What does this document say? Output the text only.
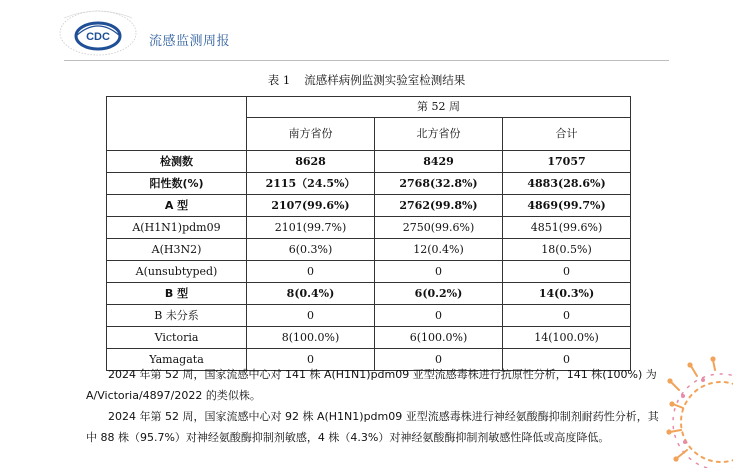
CDC	流感监测周报
表 1 流感样病例监测实验室检测结果
	第 52 周		
	南方省份	北方省份	合计
检测数	8628	8429	17057
阳性数(%)	2115（24.5%）	2768(32.8%)	4883(28.6%)
A 型	2107(99.6%)	2762(99.8%)	4869(99.7%)
A(H1N1)pdm09	2101(99.7%)	2750(99.6%)	4851(99.6%)
A(H3N2)	6(0.3%)	12(0.4%)	18(0.5%)
A(unsubtyped)	0	0	0
B 型	8(0.4%)	6(0.2%)	14(0.3%)
B 未分系	0	0	0
Victoria	8(100.0%)	6(100.0%)	14(100.0%)
Yamagata	0	0	0
2024 年第 52 周，国家流感中心对 141 株 A(H1N1)pdm09 亚型流感毒株进行抗原性分析，141 株(100%) 为 A/Victoria/4897/2022 的类似株。
2024 年第 52 周，国家流感中心对 92 株 A(H1N1)pdm09 亚型流感毒株进行神经氨酸酶抑制剂耐药性分析，其中 88 株（95.7%）对神经氨酸酶抑制剂敏感，4 株（4.3%）对神经氨酸酶抑制剂敏感性降低或高度降低。
